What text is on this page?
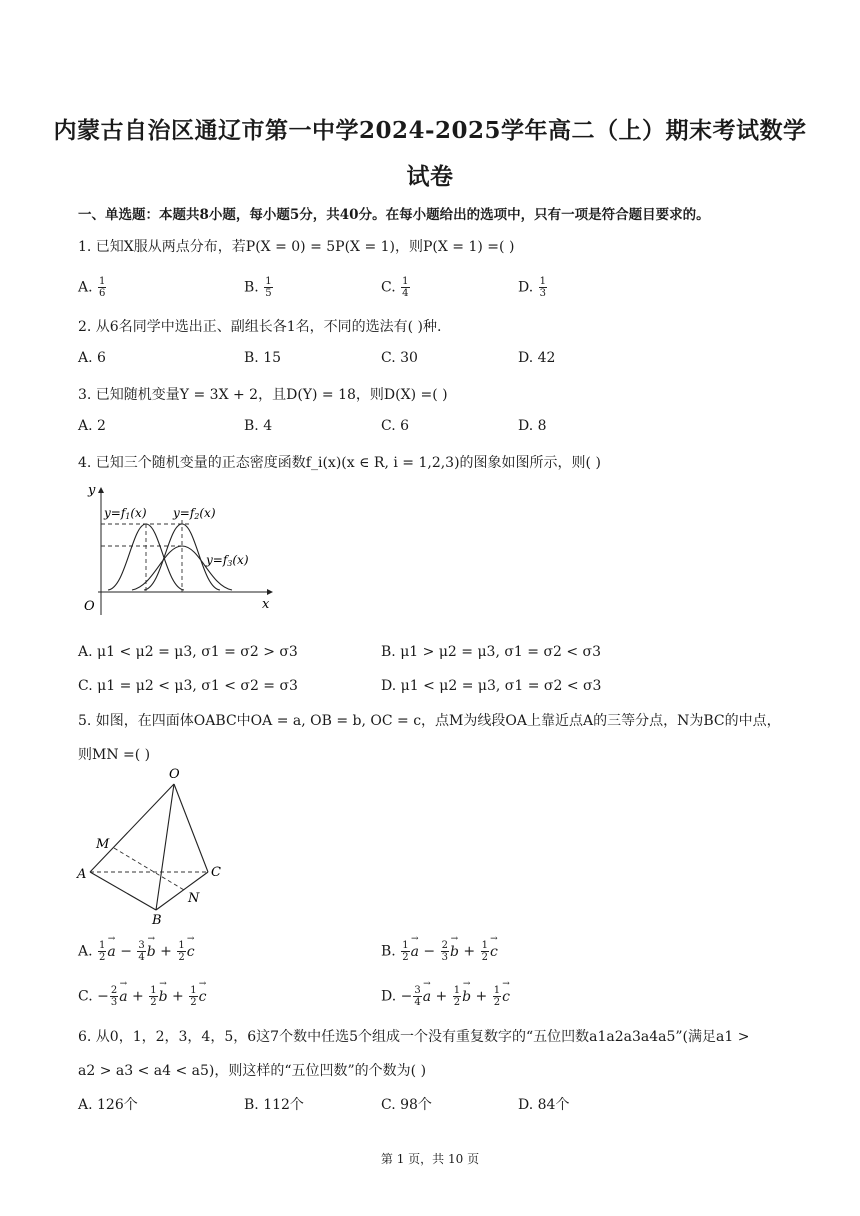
内蒙古自治区通辽市第一中学2024-2025学年高二（上）期末考试数学
试卷
一、单选题：本题共8小题，每小题5分，共40分。在每小题给出的选项中，只有一项是符合题目要求的。
1. 已知X服从两点分布，若P(X = 0) = 5P(X = 1)，则P(X = 1) =( )
A. $\frac{1}{6}$	B. $\frac{1}{5}$	C. $\frac{1}{4}$	D. $\frac{1}{3}$
2. 从6名同学中选出正、副组长各1名，不同的选法有( )种.
A. 6	B. 15	C. 30	D. 42
3. 已知随机变量Y = 3X + 2，且D(Y) = 18，则D(X) =( )
A. 2	B. 4	C. 6	D. 8
4. 已知三个随机变量的正态密度函数f_i(x)(x ∈ R, i = 1,2,3)的图象如图所示，则( )
y
x
O
y=f1(x) y=f2(x)
y=f3(x)
A. μ1 < μ2 = μ3, σ1 = σ2 > σ3	B. μ1 > μ2 = μ3, σ1 = σ2 < σ3
C. μ1 = μ2 < μ3, σ1 < σ2 = σ3	D. μ1 < μ2 = μ3, σ1 = σ2 < σ3
5. 如图，在四面体OABC中OA = a, OB = b, OC = c，点M为线段OA上靠近点A的三等分点，N为BC的中点，
则MN =( )
O
M
A
B
C
N
A. $\frac{1}{2}$
→ $a - \frac{3}{4}$
→ $b + \frac{1}{2}$
→ c	B. $\frac{1}{2}$
→ $a - \frac{2}{3}$
→ $b + \frac{1}{2}$
→ c
C. − $\frac{2}{3}$
→ $a + \frac{1}{2}$
→ $b + \frac{1}{2}$
→ c	D. − $\frac{3}{4}$
→ $a + \frac{1}{2}$
→ $b + \frac{1}{2}$
→ c
6. 从0，1，2，3，4，5，6这7个数中任选5个组成一个没有重复数字的“五位凹数a1a2a3a4a5”(满足a1 >
a2 > a3 < a4 < a5)，则这样的“五位凹数”的个数为( )
A. 126个	B. 112个	C. 98个	D. 84个
第 1 页，共 10 页
